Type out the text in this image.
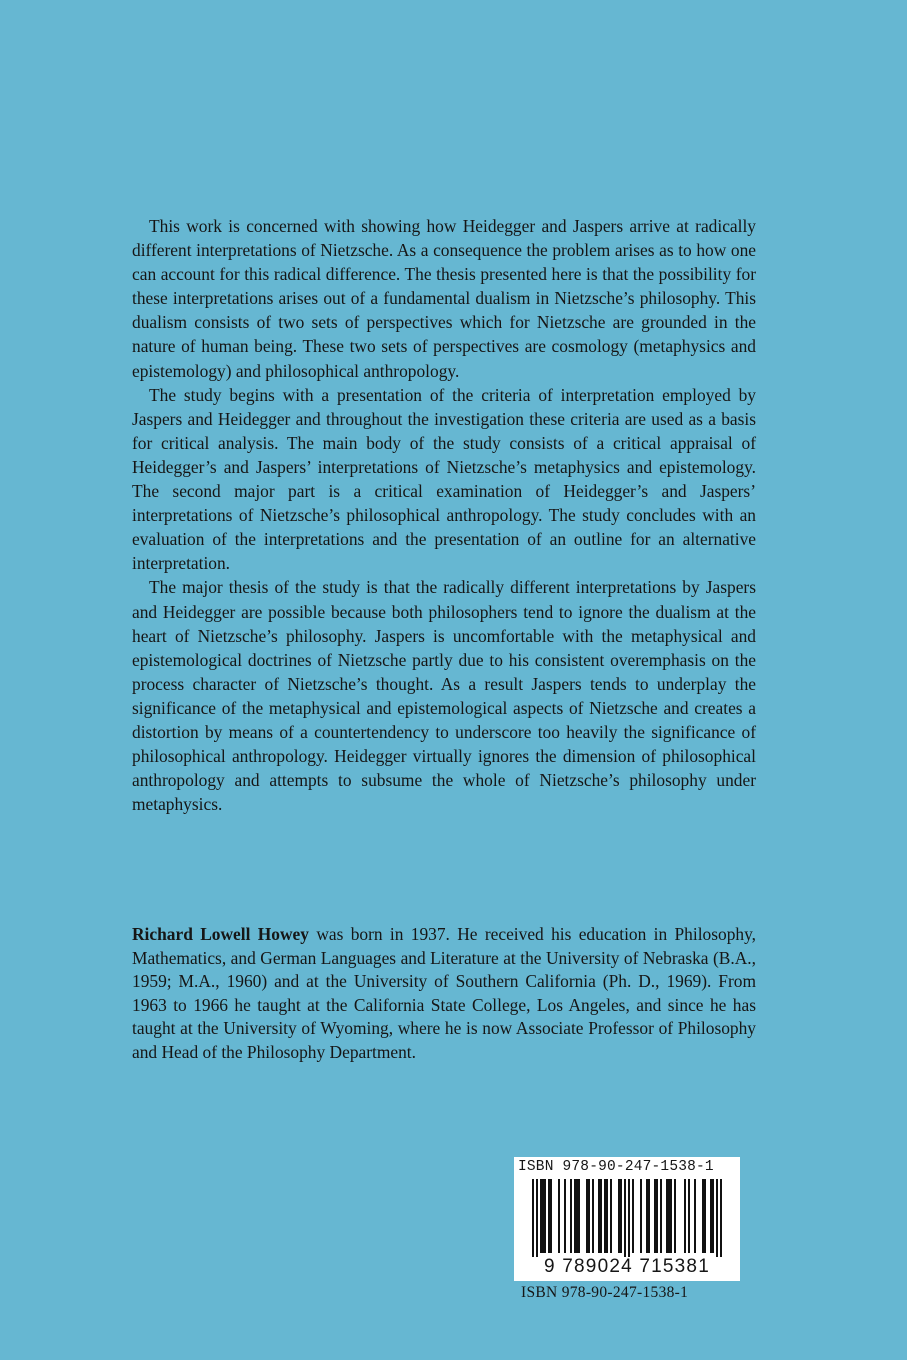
This work is concerned with showing how Heidegger and Jaspers arrive at radically different interpretations of Nietzsche. As a consequence the problem arises as to how one can account for this radical difference. The thesis presented here is that the possibility for these interpretations arises out of a fundamental dualism in Nietzsche’s philosophy. This dualism consists of two sets of perspectives which for Nietzsche are grounded in the nature of human being. These two sets of perspectives are cosmology (metaphysics and epistemology) and philosophical anthropology.

The study begins with a presentation of the criteria of interpretation employed by Jaspers and Heidegger and throughout the investigation these criteria are used as a basis for critical analysis. The main body of the study consists of a critical appraisal of Heidegger’s and Jaspers’ interpretations of Nietzsche’s metaphysics and epistemology. The second major part is a critical examination of Heidegger’s and Jaspers’ interpretations of Nietzsche’s philosophical anthropology. The study concludes with an evaluation of the interpretations and the presentation of an outline for an alternative interpretation.

The major thesis of the study is that the radically different interpretations by Jaspers and Heidegger are possible because both philosophers tend to ignore the dualism at the heart of Nietzsche’s philosophy. Jaspers is uncomfortable with the metaphysical and epistemological doctrines of Nietzsche partly due to his consistent overemphasis on the process character of Nietzsche’s thought. As a result Jaspers tends to underplay the significance of the metaphysical and epistemological aspects of Nietzsche and creates a distortion by means of a countertendency to underscore too heavily the significance of philosophical anthropology. Heidegger virtually ignores the dimension of philosophical anthropology and attempts to subsume the whole of Nietzsche’s philosophy under metaphysics.

Richard Lowell Howey was born in 1937. He received his education in Philosophy, Mathematics, and German Languages and Literature at the University of Nebraska (B.A., 1959; M.A., 1960) and at the University of Southern California (Ph. D., 1969). From 1963 to 1966 he taught at the California State College, Los Angeles, and since he has taught at the University of Wyoming, where he is now Associate Professor of Philosophy and Head of the Philosophy Department.

ISBN 978-90-247-1538-1
9 789024 715381
ISBN 978-90-247-1538-1
